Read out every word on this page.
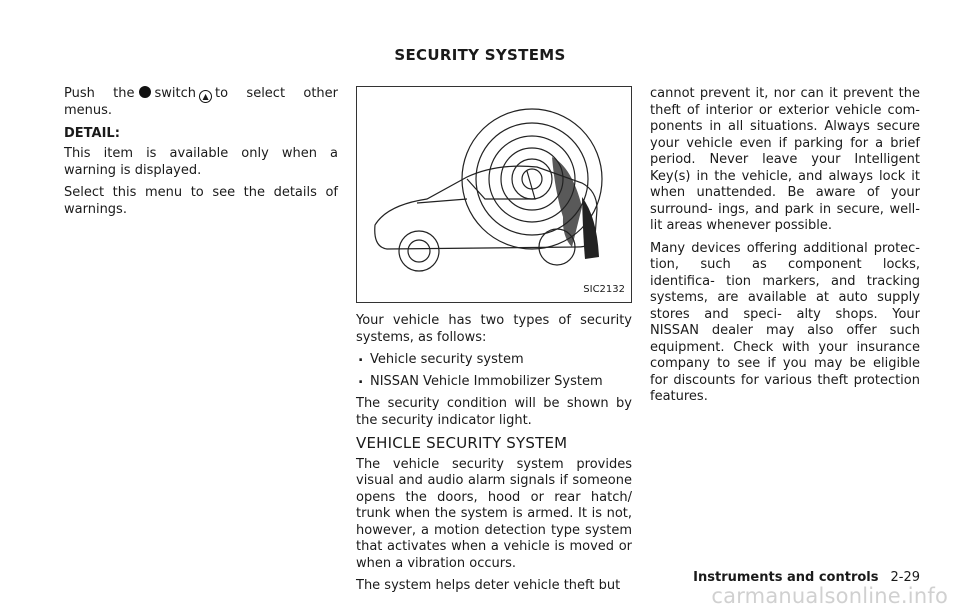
SECURITY SYSTEMS

Push the switch ▲ to select other menus.

DETAIL:

This item is available only when a warning is displayed.

Select this menu to see the details of warnings.

SIC2132

Your vehicle has two types of security systems, as follows:

. Vehicle security system
. NISSAN Vehicle Immobilizer System

The security condition will be shown by the security indicator light.

VEHICLE SECURITY SYSTEM

The vehicle security system provides visual and audio alarm signals if someone opens the doors, hood or rear hatch/ trunk when the system is armed. It is not, however, a motion detection type system that activates when a vehicle is moved or when a vibration occurs.

The system helps deter vehicle theft but

cannot prevent it, nor can it prevent the theft of interior or exterior vehicle com- ponents in all situations. Always secure your vehicle even if parking for a brief period. Never leave your Intelligent Key(s) in the vehicle, and always lock it when unattended. Be aware of your surround- ings, and park in secure, well-lit areas whenever possible.

Many devices offering additional protec- tion, such as component locks, identifica- tion markers, and tracking systems, are available at auto supply stores and speci- alty shops. Your NISSAN dealer may also offer such equipment. Check with your insurance company to see if you may be eligible for discounts for various theft protection features.

Instruments and controls 2-29
carmanualsonline.info
